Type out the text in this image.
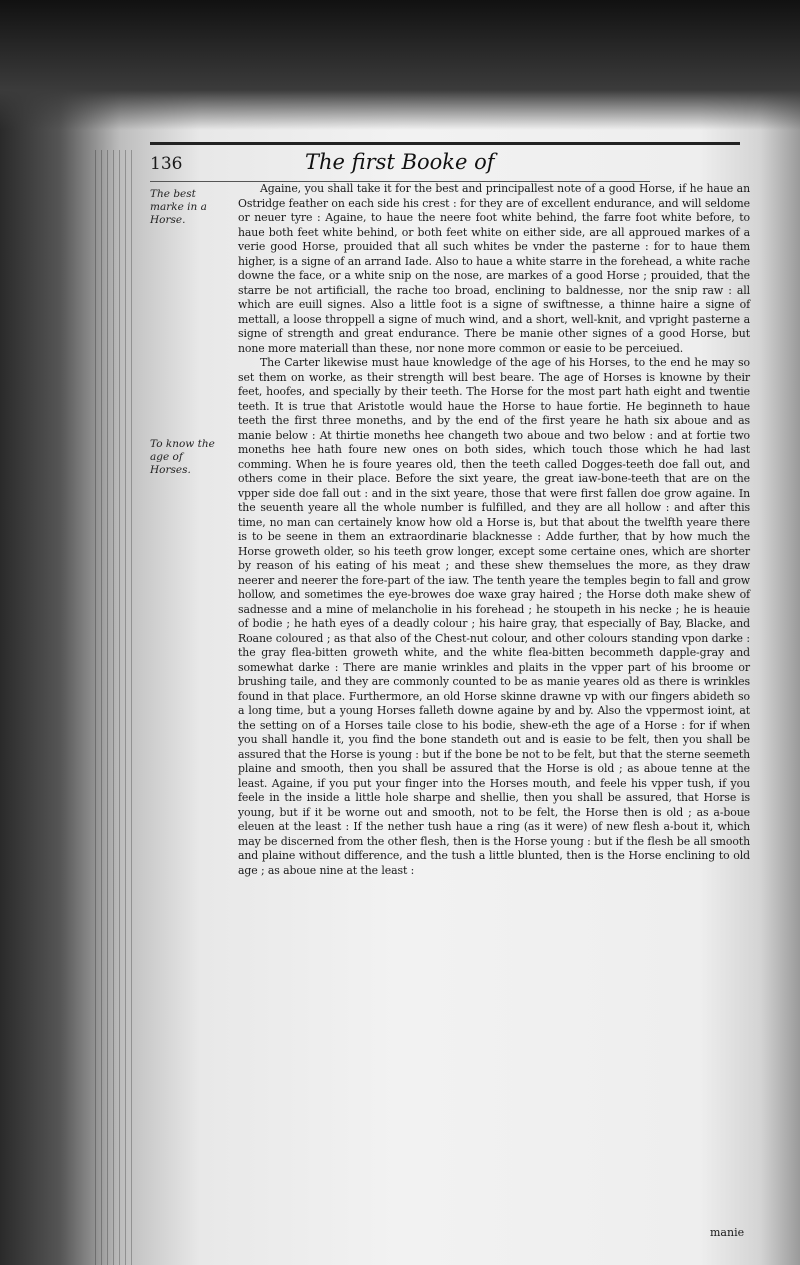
136	The first Booke of
The best marke in a Horse.
To know the age of Horses.

Againe, you shall take it for the best and principallest note of a good Horse, if he haue an Ostridge feather on each side his crest : for they are of excellent endurance, and will seldome or neuer tyre : Againe, to haue the neere foot white behind, the farre foot white before, to haue both feet white behind, or both feet white on either side, are all approued markes of a verie good Horse, prouided that all such whites be vnder the pasterne : for to haue them higher, is a signe of an arrand Iade. Also to haue a white starre in the forehead, a white rache downe the face, or a white snip on the nose, are markes of a good Horse ; prouided, that the starre be not artificiall, the rache too broad, enclining to baldnesse, nor the snip raw : all which are euill signes. Also a little foot is a signe of swiftnesse, a thinne haire a signe of mettall, a loose throppell a signe of much wind, and a short, well-knit, and vpright pasterne a signe of strength and great endurance. There be manie other signes of a good Horse, but none more materiall than these, nor none more common or easie to be perceiued.

The Carter likewise must haue knowledge of the age of his Horses, to the end he may so set them on worke, as their strength will best beare. The age of Horses is knowne by their feet, hoofes, and specially by their teeth. The Horse for the most part hath eight and twentie teeth. It is true that Aristotle would haue the Horse to haue fortie. He beginneth to haue teeth the first three moneths, and by the end of the first yeare he hath six aboue and as manie below : At thirtie moneths hee changeth two aboue and two below : and at fortie two moneths hee hath foure new ones on both sides, which touch those which he had last comming. When he is foure yeares old, then the teeth called Dogges-teeth doe fall out, and others come in their place. Before the sixt yeare, the great iaw-bone-teeth that are on the vpper side doe fall out : and in the sixt yeare, those that were first fallen doe grow againe. In the seuenth yeare all the whole number is fulfilled, and they are all hollow : and after this time, no man can certainely know how old a Horse is, but that about the twelfth yeare there is to be seene in them an extraordinarie blacknesse : Adde further, that by how much the Horse groweth older, so his teeth grow longer, except some certaine ones, which are shorter by reason of his eating of his meat ; and these shew themselues the more, as they draw neerer and neerer the fore-part of the iaw. The tenth yeare the temples begin to fall and grow hollow, and sometimes the eye-browes doe waxe gray haired ; the Horse doth make shew of sadnesse and a mine of melancholie in his forehead ; he stoupeth in his necke ; he is heauie of bodie ; he hath eyes of a deadly colour ; his haire gray, that especially of Bay, Blacke, and Roane coloured ; as that also of the Chest-nut colour, and other colours standing vpon darke : the gray flea-bitten groweth white, and the white flea-bitten becommeth dapple-gray and somewhat darke : There are manie wrinkles and plaits in the vpper part of his broome or brushing taile, and they are commonly counted to be as manie yeares old as there is wrinkles found in that place. Furthermore, an old Horse skinne drawne vp with our fingers abideth so a long time, but a young Horses falleth downe againe by and by. Also the vppermost ioint, at the setting on of a Horses taile close to his bodie, shew-eth the age of a Horse : for if when you shall handle it, you find the bone standeth out and is easie to be felt, then you shall be assured that the Horse is young : but if the bone be not to be felt, but that the sterne seemeth plaine and smooth, then you shall be assured that the Horse is old ; as aboue tenne at the least. Againe, if you put your finger into the Horses mouth, and feele his vpper tush, if you feele in the inside a little hole sharpe and shellie, then you shall be assured, that Horse is young, but if it be worne out and smooth, not to be felt, the Horse then is old ; as a-boue eleuen at the least : If the nether tush haue a ring (as it were) of new flesh a-bout it, which may be discerned from the other flesh, then is the Horse young : but if the flesh be all smooth and plaine without difference, and the tush a little blunted, then is the Horse enclining to old age ; as aboue nine at the least :

manie
